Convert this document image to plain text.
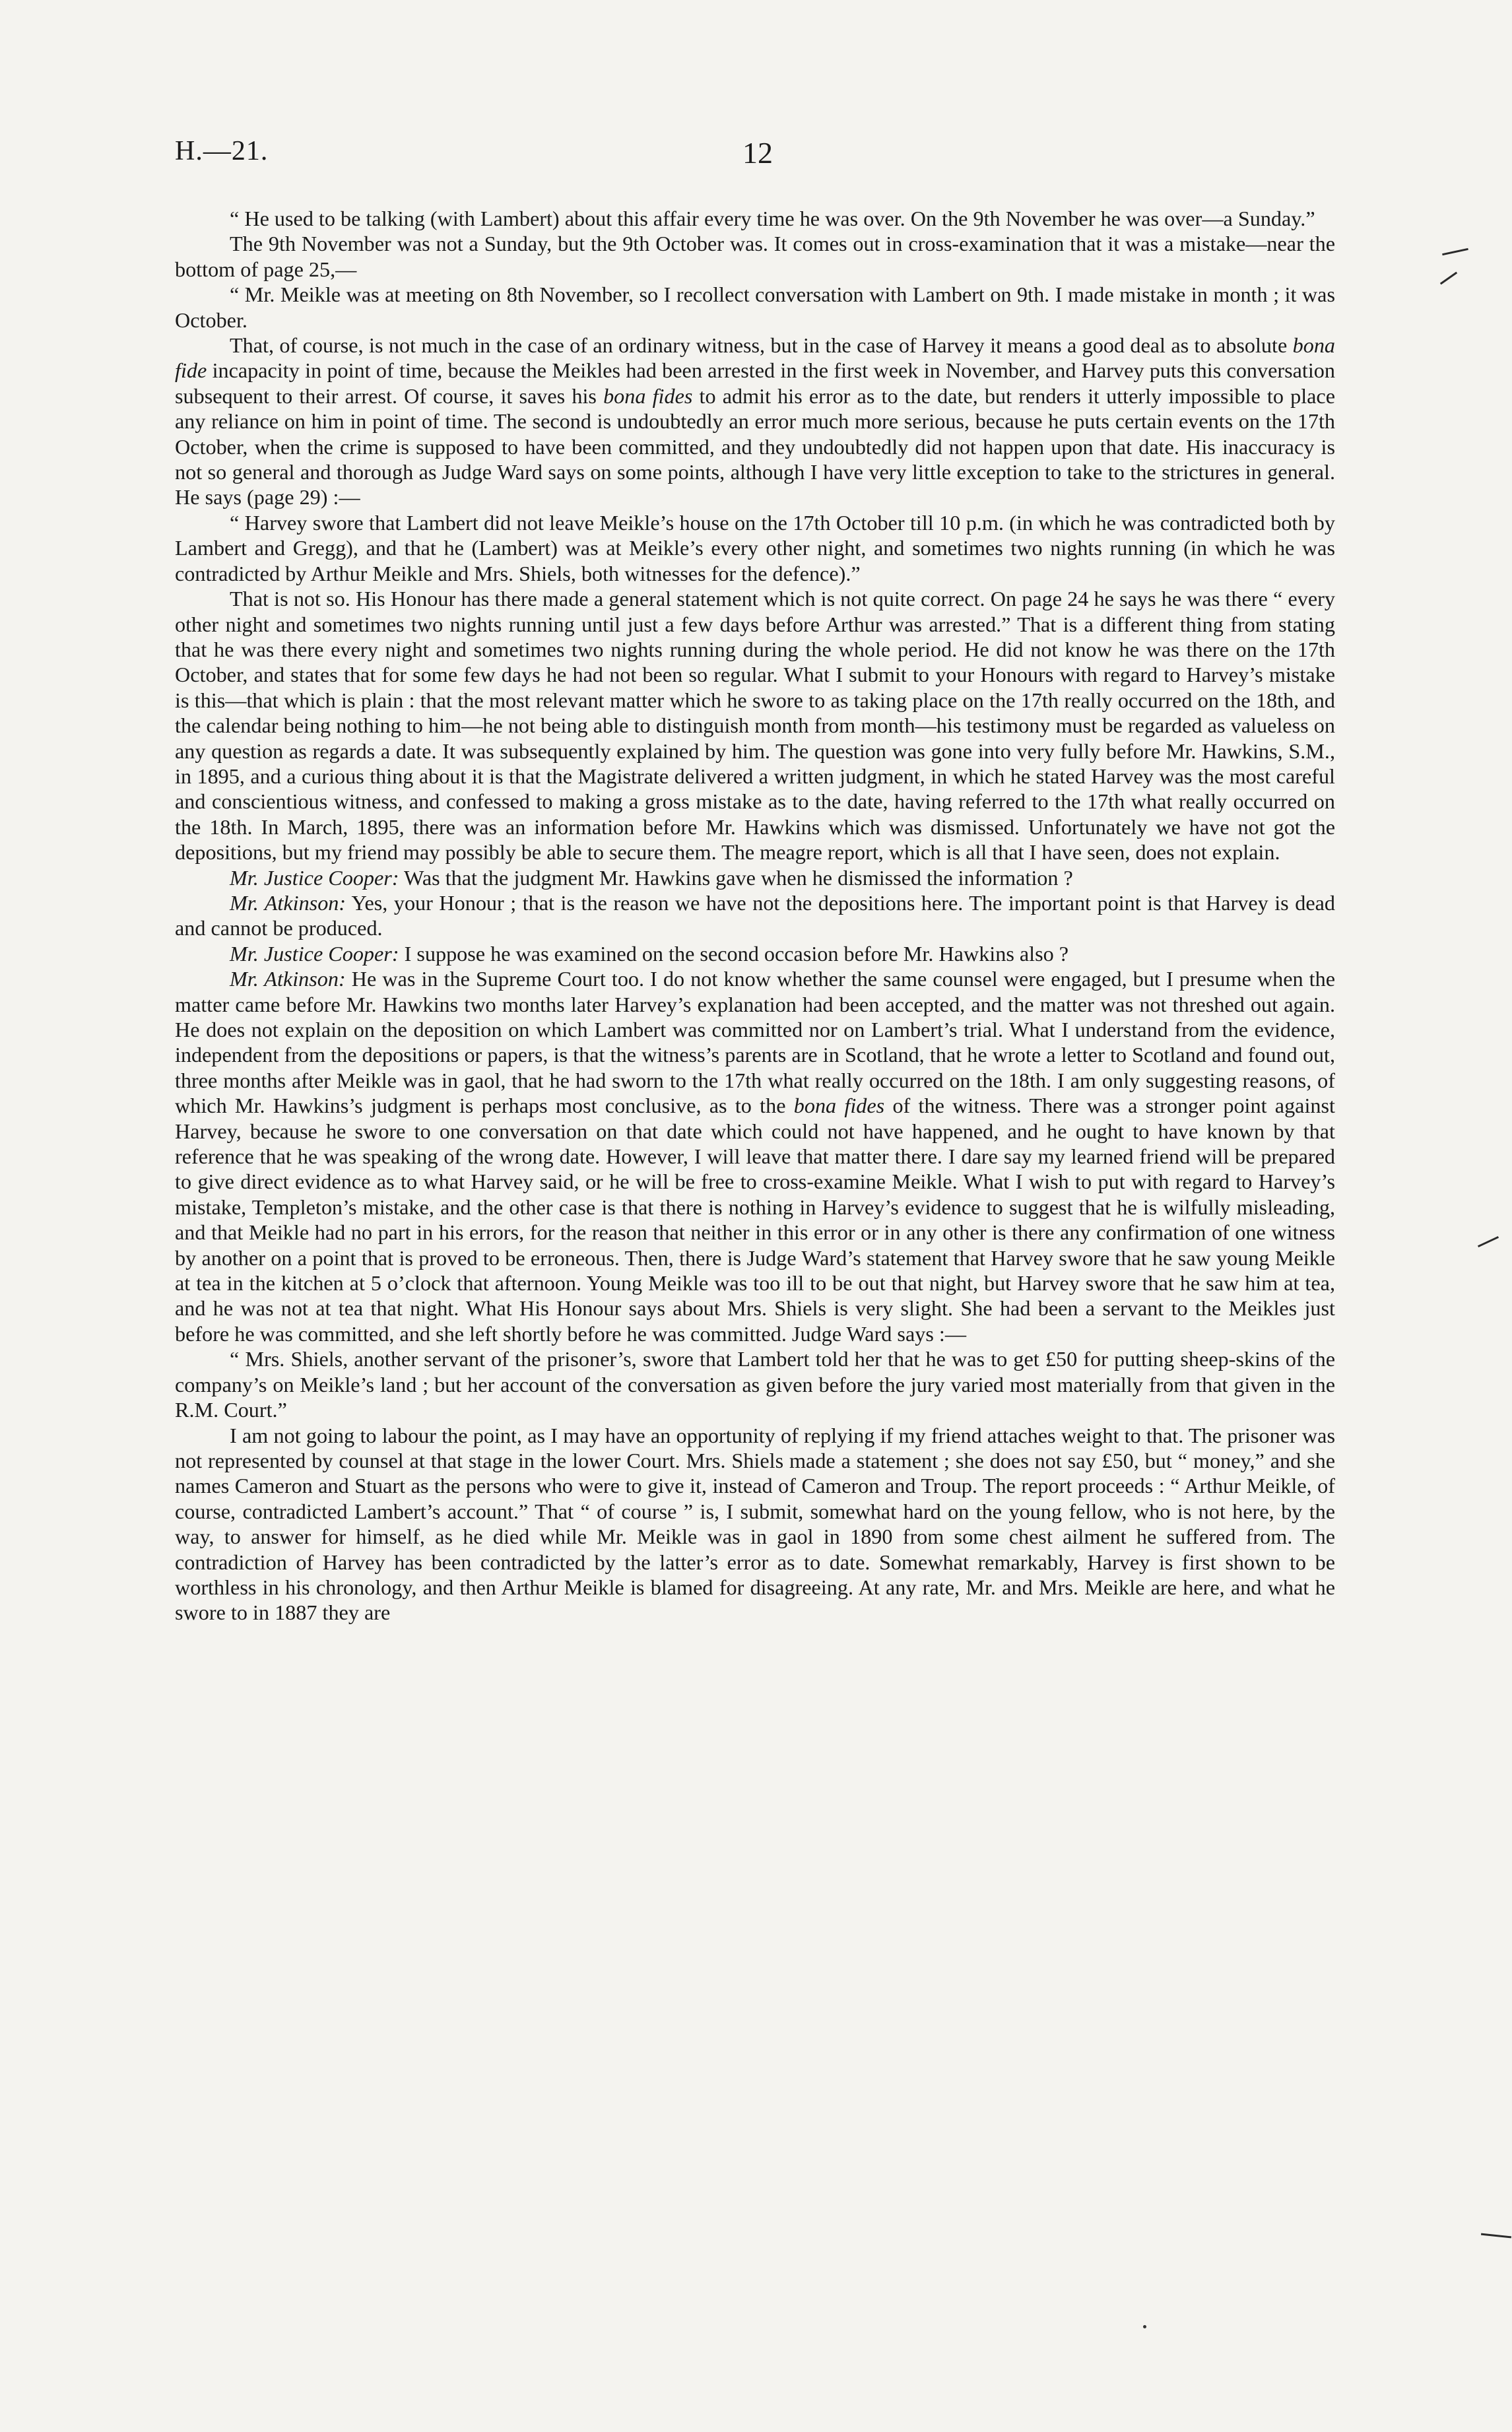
H.—21.	12

“ He used to be talking (with Lambert) about this affair every time he was over. On the 9th November he was over—a Sunday.”

The 9th November was not a Sunday, but the 9th October was. It comes out in cross-examination that it was a mistake—near the bottom of page 25,—

“ Mr. Meikle was at meeting on 8th November, so I recollect conversation with Lambert on 9th. I made mistake in month ; it was October.

That, of course, is not much in the case of an ordinary witness, but in the case of Harvey it means a good deal as to absolute bona fide incapacity in point of time, because the Meikles had been arrested in the first week in November, and Harvey puts this conversation subsequent to their arrest. Of course, it saves his bona fides to admit his error as to the date, but renders it utterly impossible to place any reliance on him in point of time. The second is undoubtedly an error much more serious, because he puts certain events on the 17th October, when the crime is supposed to have been committed, and they undoubtedly did not happen upon that date. His inaccuracy is not so general and thorough as Judge Ward says on some points, although I have very little exception to take to the strictures in general. He says (page 29) :—

“ Harvey swore that Lambert did not leave Meikle’s house on the 17th October till 10 p.m. (in which he was contradicted both by Lambert and Gregg), and that he (Lambert) was at Meikle’s every other night, and sometimes two nights running (in which he was contradicted by Arthur Meikle and Mrs. Shiels, both witnesses for the defence).”

That is not so. His Honour has there made a general statement which is not quite correct. On page 24 he says he was there “ every other night and sometimes two nights running until just a few days before Arthur was arrested.” That is a different thing from stating that he was there every night and sometimes two nights running during the whole period. He did not know he was there on the 17th October, and states that for some few days he had not been so regular. What I submit to your Honours with regard to Harvey’s mistake is this—that which is plain : that the most relevant matter which he swore to as taking place on the 17th really occurred on the 18th, and the calendar being nothing to him—he not being able to distinguish month from month—his testimony must be regarded as valueless on any question as regards a date. It was subsequently explained by him. The question was gone into very fully before Mr. Hawkins, S.M., in 1895, and a curious thing about it is that the Magistrate delivered a written judgment, in which he stated Harvey was the most careful and conscientious witness, and confessed to making a gross mistake as to the date, having referred to the 17th what really occurred on the 18th. In March, 1895, there was an information before Mr. Hawkins which was dismissed. Unfortunately we have not got the depositions, but my friend may possibly be able to secure them. The meagre report, which is all that I have seen, does not explain.

Mr. Justice Cooper: Was that the judgment Mr. Hawkins gave when he dismissed the information ?

Mr. Atkinson: Yes, your Honour ; that is the reason we have not the depositions here. The important point is that Harvey is dead and cannot be produced.

Mr. Justice Cooper: I suppose he was examined on the second occasion before Mr. Hawkins also ?

Mr. Atkinson: He was in the Supreme Court too. I do not know whether the same counsel were engaged, but I presume when the matter came before Mr. Hawkins two months later Harvey’s explanation had been accepted, and the matter was not threshed out again. He does not explain on the deposition on which Lambert was committed nor on Lambert’s trial. What I understand from the evidence, independent from the depositions or papers, is that the witness’s parents are in Scotland, that he wrote a letter to Scotland and found out, three months after Meikle was in gaol, that he had sworn to the 17th what really occurred on the 18th. I am only suggesting reasons, of which Mr. Hawkins’s judgment is perhaps most conclusive, as to the bona fides of the witness. There was a stronger point against Harvey, because he swore to one conversation on that date which could not have happened, and he ought to have known by that reference that he was speaking of the wrong date. However, I will leave that matter there. I dare say my learned friend will be prepared to give direct evidence as to what Harvey said, or he will be free to cross-examine Meikle. What I wish to put with regard to Harvey’s mistake, Templeton’s mistake, and the other case is that there is nothing in Harvey’s evidence to suggest that he is wilfully misleading, and that Meikle had no part in his errors, for the reason that neither in this error or in any other is there any confirmation of one witness by another on a point that is proved to be erroneous. Then, there is Judge Ward’s statement that Harvey swore that he saw young Meikle at tea in the kitchen at 5 o’clock that afternoon. Young Meikle was too ill to be out that night, but Harvey swore that he saw him at tea, and he was not at tea that night. What His Honour says about Mrs. Shiels is very slight. She had been a servant to the Meikles just before he was committed, and she left shortly before he was committed. Judge Ward says :—

“ Mrs. Shiels, another servant of the prisoner’s, swore that Lambert told her that he was to get £50 for putting sheep-skins of the company’s on Meikle’s land ; but her account of the conversation as given before the jury varied most materially from that given in the R.M. Court.”

I am not going to labour the point, as I may have an opportunity of replying if my friend attaches weight to that. The prisoner was not represented by counsel at that stage in the lower Court. Mrs. Shiels made a statement ; she does not say £50, but “ money,” and she names Cameron and Stuart as the persons who were to give it, instead of Cameron and Troup. The report proceeds : “ Arthur Meikle, of course, contradicted Lambert’s account.” That “ of course ” is, I submit, somewhat hard on the young fellow, who is not here, by the way, to answer for himself, as he died while Mr. Meikle was in gaol in 1890 from some chest ailment he suffered from. The contradiction of Harvey has been contradicted by the latter’s error as to date. Somewhat remarkably, Harvey is first shown to be worthless in his chronology, and then Arthur Meikle is blamed for disagreeing. At any rate, Mr. and Mrs. Meikle are here, and what he swore to in 1887 they are
